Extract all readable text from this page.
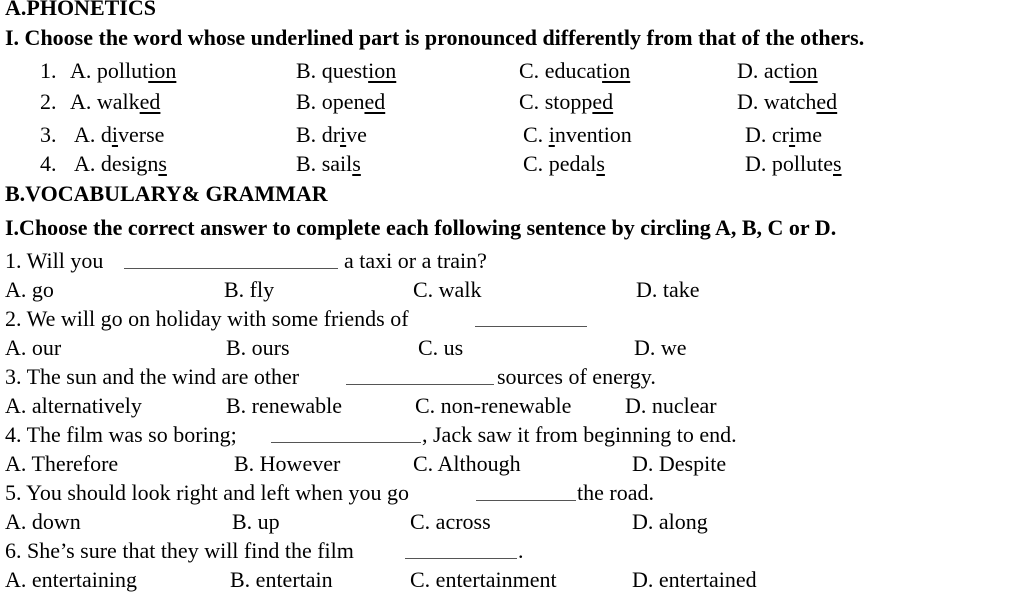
A.PHONETICS
I. Choose the word whose underlined part is pronounced differently from that of the others.
1. A. pollution	B. question	C. education	D. action
2. A. walked	B. opened	C. stopped	D. watched
3. A. diverse	B. drive	C. invention	D. crime
4. A. designs	B. sails	C. pedals	D. pollutes
B.VOCABULARY& GRAMMAR
I.Choose the correct answer to complete each following sentence by circling A, B, C or D.
1. Will you	a taxi or a train?
A. go	B. fly	C. walk	D. take
2. We will go on holiday with some friends of
A. our	B. ours	C. us	D. we
3. The sun and the wind are other	sources of energy.
A. alternatively	B. renewable	C. non-renewable D. nuclear
4. The film was so boring;	, Jack saw it from beginning to end.
A. Therefore	B. However	C. Although	D. Despite
5. You should look right and left when you go	the road.
A. down	B. up	C. across	D. along
6. She’s sure that they will find the film	.
A. entertaining	B. entertain	C. entertainment	D. entertained
